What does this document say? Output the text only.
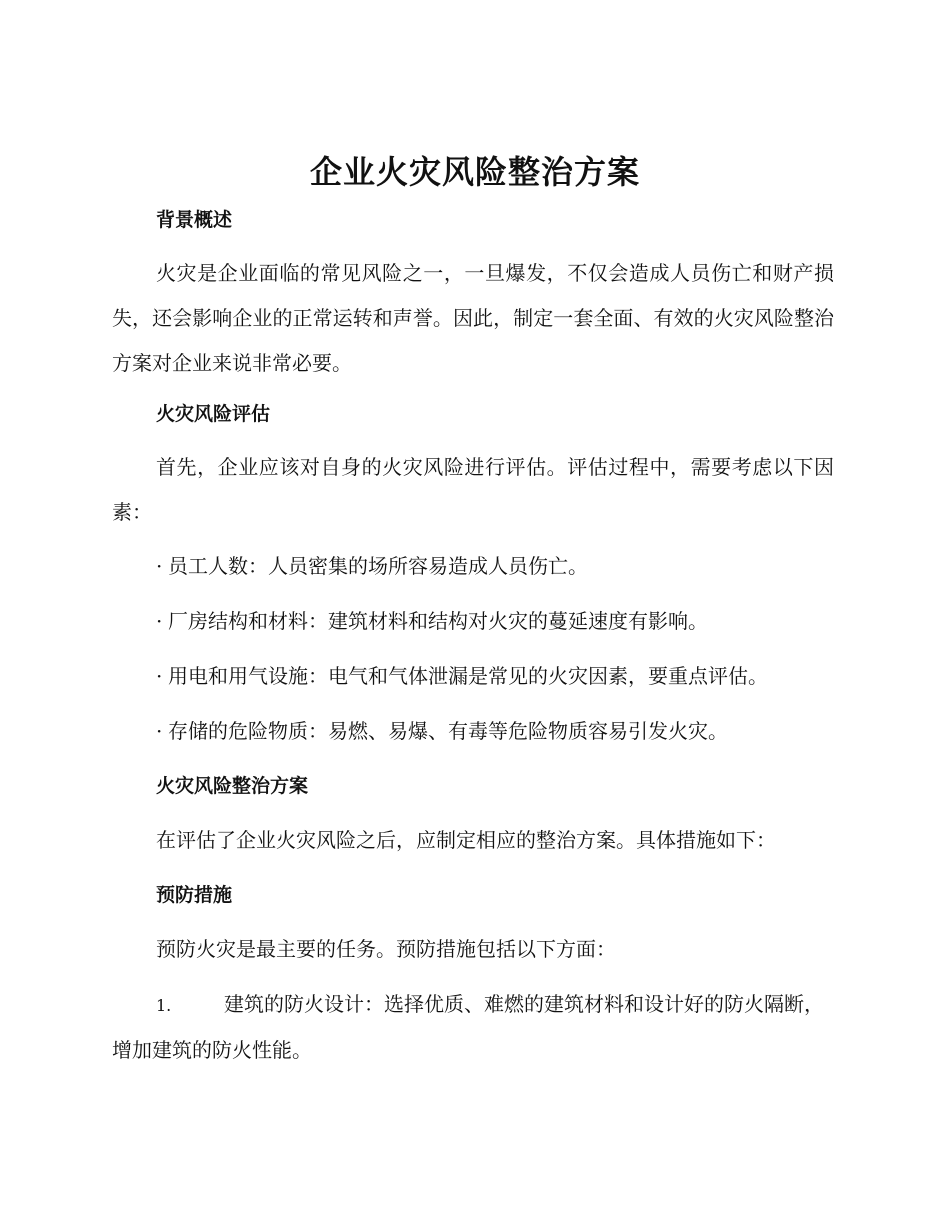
企业火灾风险整治方案
背景概述
火灾是企业面临的常见风险之一，一旦爆发，不仅会造成人员伤亡和财产损失，还会影响企业的正常运转和声誉。因此，制定一套全面、有效的火灾风险整治方案对企业来说非常必要。
火灾风险评估
首先，企业应该对自身的火灾风险进行评估。评估过程中，需要考虑以下因素：
· 员工人数：人员密集的场所容易造成人员伤亡。
· 厂房结构和材料：建筑材料和结构对火灾的蔓延速度有影响。
· 用电和用气设施：电气和气体泄漏是常见的火灾因素，要重点评估。
· 存储的危险物质：易燃、易爆、有毒等危险物质容易引发火灾。
火灾风险整治方案
在评估了企业火灾风险之后，应制定相应的整治方案。具体措施如下：
预防措施
预防火灾是最主要的任务。预防措施包括以下方面：
1.	建筑的防火设计：选择优质、难燃的建筑材料和设计好的防火隔断，增加建筑的防火性能。
